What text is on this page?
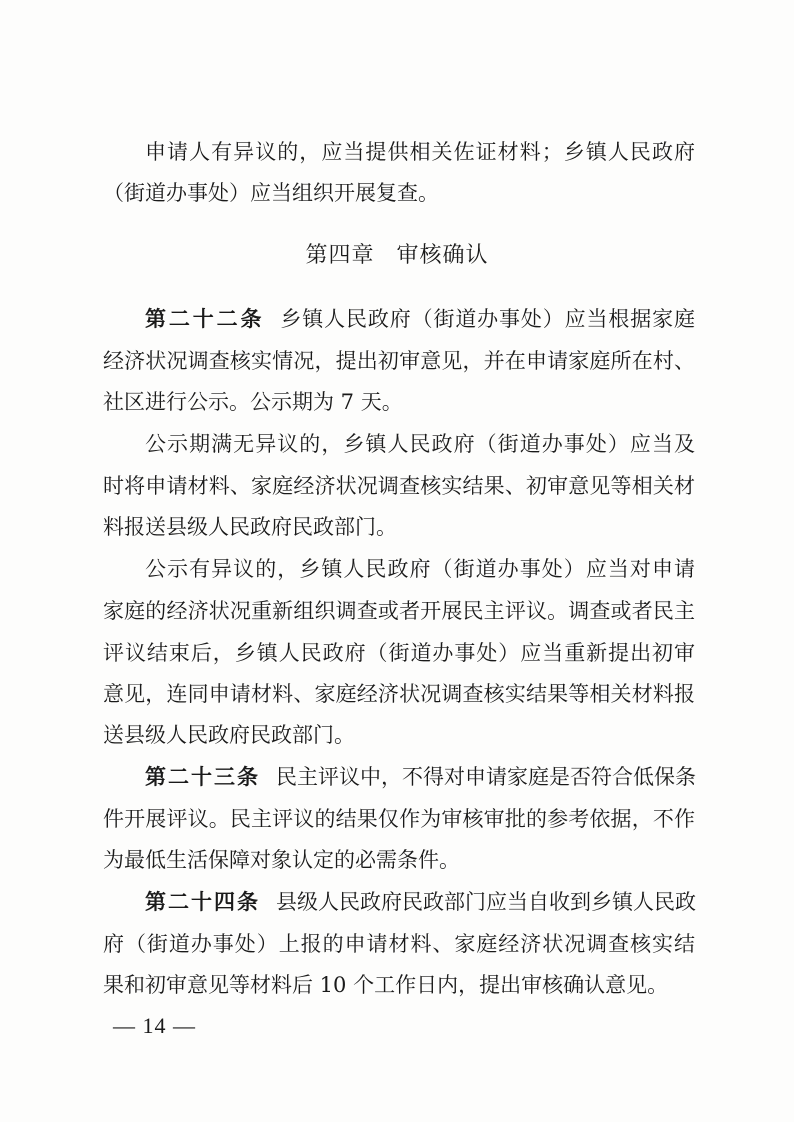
申请人有异议的，应当提供相关佐证材料；乡镇人民政府
（街道办事处）应当组织开展复查。
第四章 审核确认
第二十二条 乡镇人民政府（街道办事处）应当根据家庭
经济状况调查核实情况，提出初审意见，并在申请家庭所在村、
社区进行公示。公示期为 7 天。
公示期满无异议的，乡镇人民政府（街道办事处）应当及
时将申请材料、家庭经济状况调查核实结果、初审意见等相关材
料报送县级人民政府民政部门。
公示有异议的，乡镇人民政府（街道办事处）应当对申请
家庭的经济状况重新组织调查或者开展民主评议。调查或者民主
评议结束后，乡镇人民政府（街道办事处）应当重新提出初审
意见，连同申请材料、家庭经济状况调查核实结果等相关材料报
送县级人民政府民政部门。
第二十三条 民主评议中，不得对申请家庭是否符合低保条
件开展评议。民主评议的结果仅作为审核审批的参考依据，不作
为最低生活保障对象认定的必需条件。
第二十四条 县级人民政府民政部门应当自收到乡镇人民政
府（街道办事处）上报的申请材料、家庭经济状况调查核实结
果和初审意见等材料后 10 个工作日内，提出审核确认意见。
— 14 —
